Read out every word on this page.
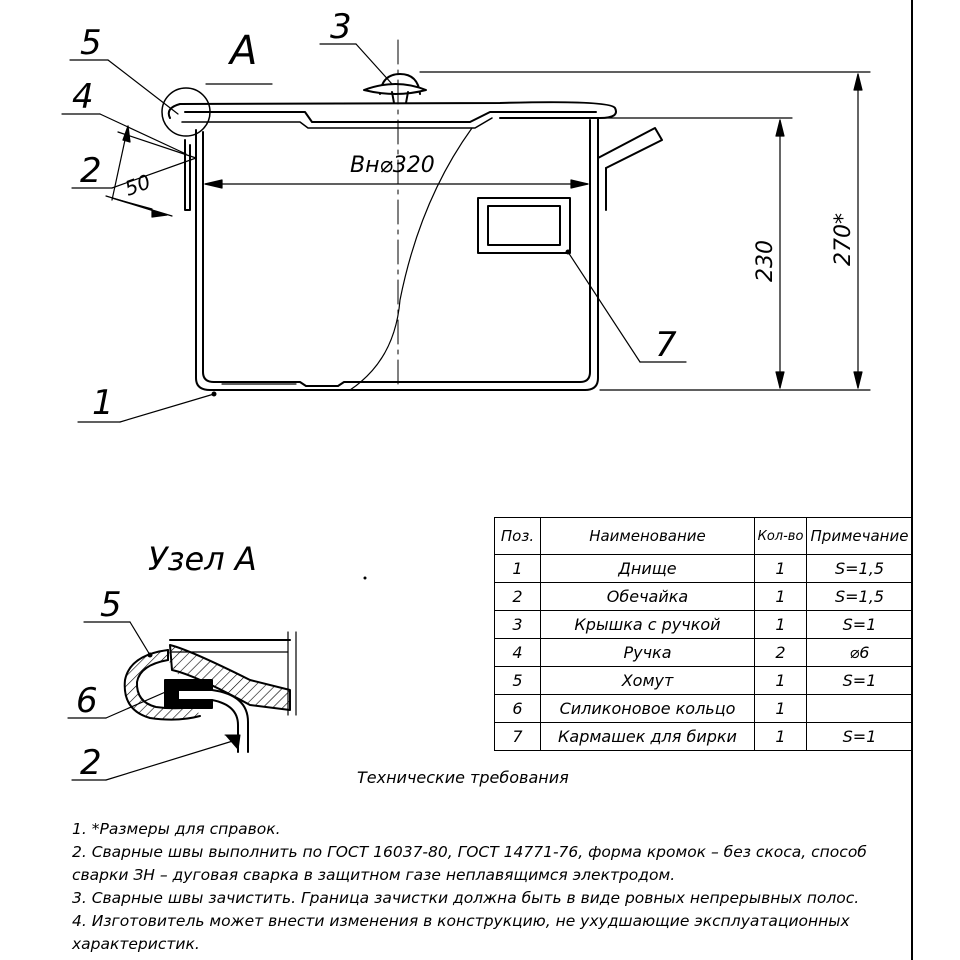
Вн⌀320
230 270*
50
А
5
4
2
3
7
1
Узел А
5
6
2
Поз.	Наименование	Кол-во	Примечание
1	Днище	1	S=1,5
2	Обечайка	1	S=1,5
3	Крышка с ручкой	1	S=1
4	Ручка	2	⌀6
5	Хомут	1	S=1
6	Силиконовое кольцо	1	
7	Кармашек для бирки	1	S=1
Технические требования
1. *Размеры для справок.
2. Сварные швы выполнить по ГОСТ 16037-80, ГОСТ 14771-76, форма кромок – без скоса, способ
сварки ЗН – дуговая сварка в защитном газе неплавящимся электродом.
3. Сварные швы зачистить. Граница зачистки должна быть в виде ровных непрерывных полос.
4. Изготовитель может внести изменения в конструкцию, не ухудшающие эксплуатационных
характеристик.
